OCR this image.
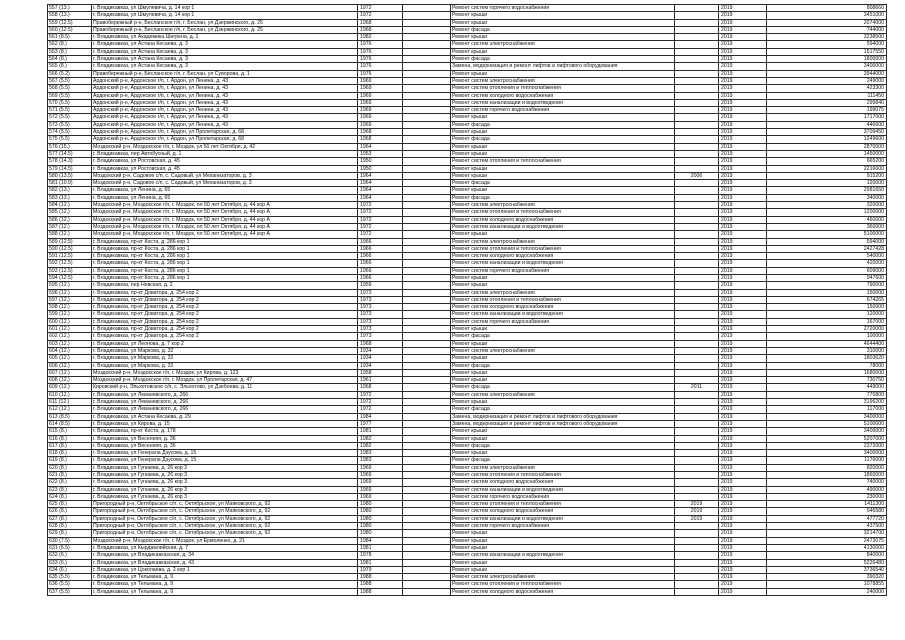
557 (13.)	г. Владикавказ, ул Шмулевича, д. 14 кор 1	1972		Ремонт систем горячего водоснабжения		2019	808660
558 (13.)	г. Владикавказ, ул Шмулевича, д. 14 кор 1	1972		Ремонт крыши		2019	3451000
559 (12.5)	Правобережный р-н, Бесланское г/п, г. Беслан, ул Дзержинского, д. 25	1968		Ремонт крыши		2019	2074000
560 (12.5)	Правобережный р-н, Бесланское г/п, г. Беслан, ул Дзержинского, д. 25	1968		Ремонт фасада		2019	744000
561 (8.5)	г. Владикавказ, ул Академика Шегрена, д. 1	1982		Ремонт крыши		2019	3238500
562 (8.)	г. Владикавказ, ул Астана Кесаева, д. 3	1976		Ремонт систем электроснабжения		2019	594000
563 (8.)	г. Владикавказ, ул Астана Кесаева, д. 3	1976		Ремонт крыши		2019	1517550
564 (8.)	г. Владикавказ, ул Астана Кесаева, д. 3	1976		Ремонт фасада		2019	1800000
565 (8.)	г. Владикавказ, ул Астана Кесаева, д. 3	1976		Замена, модернизация и ремонт лифтов и лифтового оборудования		2019	3400000
566 (5.2)	Правобережный р-н, Бесланское г/п, г. Беслан, ул Суворова, д. 1	1976		Ремонт крыши		2019	3944000
567 (5.5)	Ардонский р-н, Ардонское г/п, г. Ардон, ул Ленина, д. 43	1969		Ремонт систем электроснабжения		2019	249000
568 (5.5)	Ардонский р-н, Ардонское г/п, г. Ардон, ул Ленина, д. 43	1969		Ремонт систем отопления и теплоснабжения		2019	423300
569 (5.5)	Ардонский р-н, Ардонское г/п, г. Ардон, ул Ленина, д. 43	1969		Ремонт систем холодного водоснабжения		2019	111450
570 (5.5)	Ардонский р-н, Ардонское г/п, г. Ардон, ул Ленина, д. 43	1969		Ремонт систем канализации и водоотведения		2019	299840
571 (5.5)	Ардонский р-н, Ардонское г/п, г. Ардон, ул Ленина, д. 43	1969		Ремонт систем горячего водоснабжения		2019	199075
572 (5.5)	Ардонский р-н, Ардонское г/п, г. Ардон, ул Ленина, д. 43	1969		Ремонт крыши		2019	1717000
573 (5.5)	Ардонский р-н, Ардонское г/п, г. Ардон, ул Ленина, д. 43	1969		Ремонт фасада		2019	446600
574 (5.5)	Ардонский р-н, Ардонское г/п, г. Ардон, ул Пролетарская, д. 68	1968		Ремонт крыши		2019	3709450
575 (5.5)	Ардонский р-н, Ардонское г/п, г. Ардон, ул Пролетарская, д. 68	1968		Ремонт фасада		2019	1249600
576 (15.)	Моздокский р-н, Моздокское г/п, г. Моздок, ул 50 лет Октября, д. 42	1964		Ремонт крыши		2019	2870000
577 (14.5)	г. Владикавказ, пер Автобусный, д. 1	1953		Ремонт крыши		2019	1450000
578 (14.3)	г. Владикавказ, ул Ростовская, д. 45	1950		Ремонт систем отопления и теплоснабжения		2019	665200
579 (14.5)	г. Владикавказ, ул Ростовская, д. 45	1950		Ремонт крыши		2019	2216600
580 (13.5)	Моздокский р-н, Садовое с/п, с. Садовый, ул Механизаторов, д. 3	1964		Ремонт крыши	2006	2019	915200
581 (10.9)	Моздокский р-н, Садовое с/п, с. Садовый, ул Механизаторов, д. 3	1964		Ремонт фасада		2019	120000
582 (13.)	г. Владикавказ, ул Ленина, д. 65	1964		Ремонт крыши		2019	2981650
583 (13.)	г. Владикавказ, ул Ленина, д. 65	1964		Ремонт фасада		2019	340000
584 (12.)	Моздокский р-н, Моздокское г/п, г. Моздок, пл 50 лет Октября, д. 44 кор А	1972		Ремонт систем электроснабжения		2019	320000
585 (12.)	Моздокский р-н, Моздокское г/п, г. Моздок, пл 50 лет Октября, д. 44 кор А	1972		Ремонт систем отопления и теплоснабжения		2019	1200000
586 (12.)	Моздокский р-н, Моздокское г/п, г. Моздок, пл 50 лет Октября, д. 44 кор А	1972		Ремонт систем холодного водоснабжения		2019	460000
587 (12.)	Моздокский р-н, Моздокское г/п, г. Моздок, пл 50 лет Октября, д. 44 кор А	1972		Ремонт систем канализации и водоотведения		2019	360000
588 (12.)	Моздокский р-н, Моздокское г/п, г. Моздок, пл 50 лет Октября, д. 44 кор А	1972		Ремонт крыши		2019	5100000
589 (12.5)	г. Владикавказ, пр-кт Коста, д. 286 кор 1	1966		Ремонт систем электроснабжения		2019	594000
590 (12.5)	г. Владикавказ, пр-кт Коста, д. 286 кор 1	1966		Ремонт систем отопления и теплоснабжения		2019	2427428
591 (12.5)	г. Владикавказ, пр-кт Коста, д. 286 кор 1	1966		Ремонт систем холодного водоснабжения		2019	540000
592 (12.5)	г. Владикавказ, пр-кт Коста, д. 286 кор 1	1966		Ремонт систем канализации и водоотведения		2019	420000
593 (12.5)	г. Владикавказ, пр-кт Коста, д. 286 кор 1	1966		Ремонт систем горячего водоснабжения		2019	609000
594 (12.5)	г. Владикавказ, пр-кт Коста, д. 286 кор 1	1966		Ремонт крыши		2019	947600
595 (12.)	г. Владикавказ, пер Невская, д. 2	1959		Ремонт крыши		2019	790000
596 (12.)	г. Владикавказ, пр-кт Доватора, д. 254 кор 2	1973		Ремонт систем электроснабжения		2019	150000
597 (12.)	г. Владикавказ, пр-кт Доватора, д. 254 кор 2	1973		Ремонт систем отопления и теплоснабжения		2019	674265
598 (12.)	г. Владикавказ, пр-кт Доватора, д. 254 кор 2	1973		Ремонт систем холодного водоснабжения		2019	150000
599 (12.)	г. Владикавказ, пр-кт Доватора, д. 254 кор 2	1973		Ремонт систем канализации и водоотведения		2019	120000
600 (12.)	г. Владикавказ, пр-кт Доватора, д. 254 кор 2	1973		Ремонт систем горячего водоснабжения		2019	167000
601 (12.)	г. Владикавказ, пр-кт Доватора, д. 254 кор 2	1973		Ремонт крыши		2019	2720000
602 (12.)	г. Владикавказ, пр-кт Доватора, д. 254 кор 2	1973		Ремонт фасада		2019	100000
603 (12.)	г. Владикавказ, ул Леонова, д. 7 кор 2	1968		Ремонт крыши		2019	4644400
604 (12.)	г. Владикавказ, ул Маркова, д. 32	1934		Ремонт систем электроснабжения		2019	310000
605 (12.)	г. Владикавказ, ул Маркова, д. 32	1934		Ремонт крыши		2019	1803620
606 (12.)	г. Владикавказ, ул Маркова, д. 32	1934		Ремонт фасада		2019	78000
607 (12.)	Моздокский р-н, Моздокское г/п, г. Моздок, ул Кирова, д. 123	1958		Ремонт крыши		2019	1680000
608 (12.)	Моздокский р-н, Моздокское г/п, г. Моздок, ул Пролетарская, д. 47	1961		Ремонт крыши		2019	730750
609 (12.)	Кировский р-н, Эльхотовское с/п, с. Эльхотово, ул Дзебоева, д. 11	1968		Ремонт фасада	2011	2019	449000
610 (12.)	г. Владикавказ, ул Леваневского, д. 266	1972		Ремонт систем электроснабжения		2019	770800
611 (12.)	г. Владикавказ, ул Леваневского, д. 266	1972		Ремонт крыши		2019	3196200
612 (12.)	г. Владикавказ, ул Леваневского, д. 266	1972		Ремонт фасада		2019	117000
613 (8.5)	г. Владикавказ, ул Астана Кесаева, д. 29	1984		Замена, модернизация и ремонт лифтов и лифтового оборудования		2019	3400000
614 (8.5)	г. Владикавказ, ул Кирова, д. 15	1977		Замена, модернизация и ремонт лифтов и лифтового оборудования		2019	5100000
615 (8.)	г. Владикавказ, пр-кт Коста, д. 178	1981		Ремонт крыши		2019	3400000
616 (8.)	г. Владикавказ, ул Весенняя, д. 36	1982		Ремонт крыши		2019	5207000
617 (8.)	г. Владикавказ, ул Весенняя, д. 36	1982		Ремонт фасада		2019	2372000
618 (8.)	г. Владикавказ, ул Генерала Дзусова, д. 15	1983		Ремонт крыши		2019	3400000
619 (8.)	г. Владикавказ, ул Генерала Дзусова, д. 15	1983		Ремонт фасада		2019	1176000
620 (8.)	г. Владикавказ, ул Гугкаева, д. 26 кор 3	1969		Ремонт систем электроснабжения		2019	820000
621 (8.)	г. Владикавказ, ул Гугкаева, д. 26 кор 3	1969		Ремонт систем отопления и теплоснабжения		2019	1860000
622 (8.)	г. Владикавказ, ул Гугкаева, д. 26 кор 3	1969		Ремонт систем холодного водоснабжения		2019	740000
623 (8.)	г. Владикавказ, ул Гугкаева, д. 26 кор 3	1969		Ремонт систем канализации и водоотведения		2019	490000
624 (8.)	г. Владикавказ, ул Гугкаева, д. 26 кор 3	1969		Ремонт систем горячего водоснабжения		2019	230000
625 (8.)	Пригородный р-н, Октябрьское с/п, с. Октябрьское, ул Маяковского, д. 92	1980		Ремонт систем отопления и теплоснабжения	2019	2019	1411300
626 (8.)	Пригородный р-н, Октябрьское с/п, с. Октябрьское, ул Маяковского, д. 92	1980		Ремонт систем холодного водоснабжения	2019	2019	546580
627 (8.)	Пригородный р-н, Октябрьское с/п, с. Октябрьское, ул Маяковского, д. 92	1980		Ремонт систем канализации и водоотведения	2019	2019	477720
628 (8.)	Пригородный р-н, Октябрьское с/п, с. Октябрьское, ул Маяковского, д. 92	1980		Ремонт систем горячего водоснабжения		2019	437500
629 (8.)	Пригородный р-н, Октябрьское с/п, с. Октябрьское, ул Маяковского, д. 92	1980		Ремонт крыши		2019	3214700
630 (7.5)	Моздокский р-н, Моздокское г/п, г. Моздок, ул Ермоленко, д. 21	1984		Ремонт крыши		2019	2473075
631 (6.5)	г. Владикавказ, ул Кырджалийская, д. 7	1981		Ремонт крыши		2019	4130000
632 (6.)	г. Владикавказ, ул Владикавказская, д. 34	1978		Ремонт систем канализации и водоотведения		2019	840000
633 (6.)	г. Владикавказ, ул Владикавказская, д. 43	1981		Ремонт крыши		2019	5226480
634 (6.)	г. Владикавказ, ул Цоколаева, д. 2 кор 1	1979		Ремонт крыши		2019	3736540
635 (5.5)	г. Владикавказ, ул Тельмана, д. 9	1988		Ремонт систем электроснабжения		2019	390320
636 (5.5)	г. Владикавказ, ул Тельмана, д. 9	1988		Ремонт систем отопления и теплоснабжения		2019	1078855
637 (5.5)	г. Владикавказ, ул Тельмана, д. 9	1988		Ремонт систем холодного водоснабжения		2019	240000
